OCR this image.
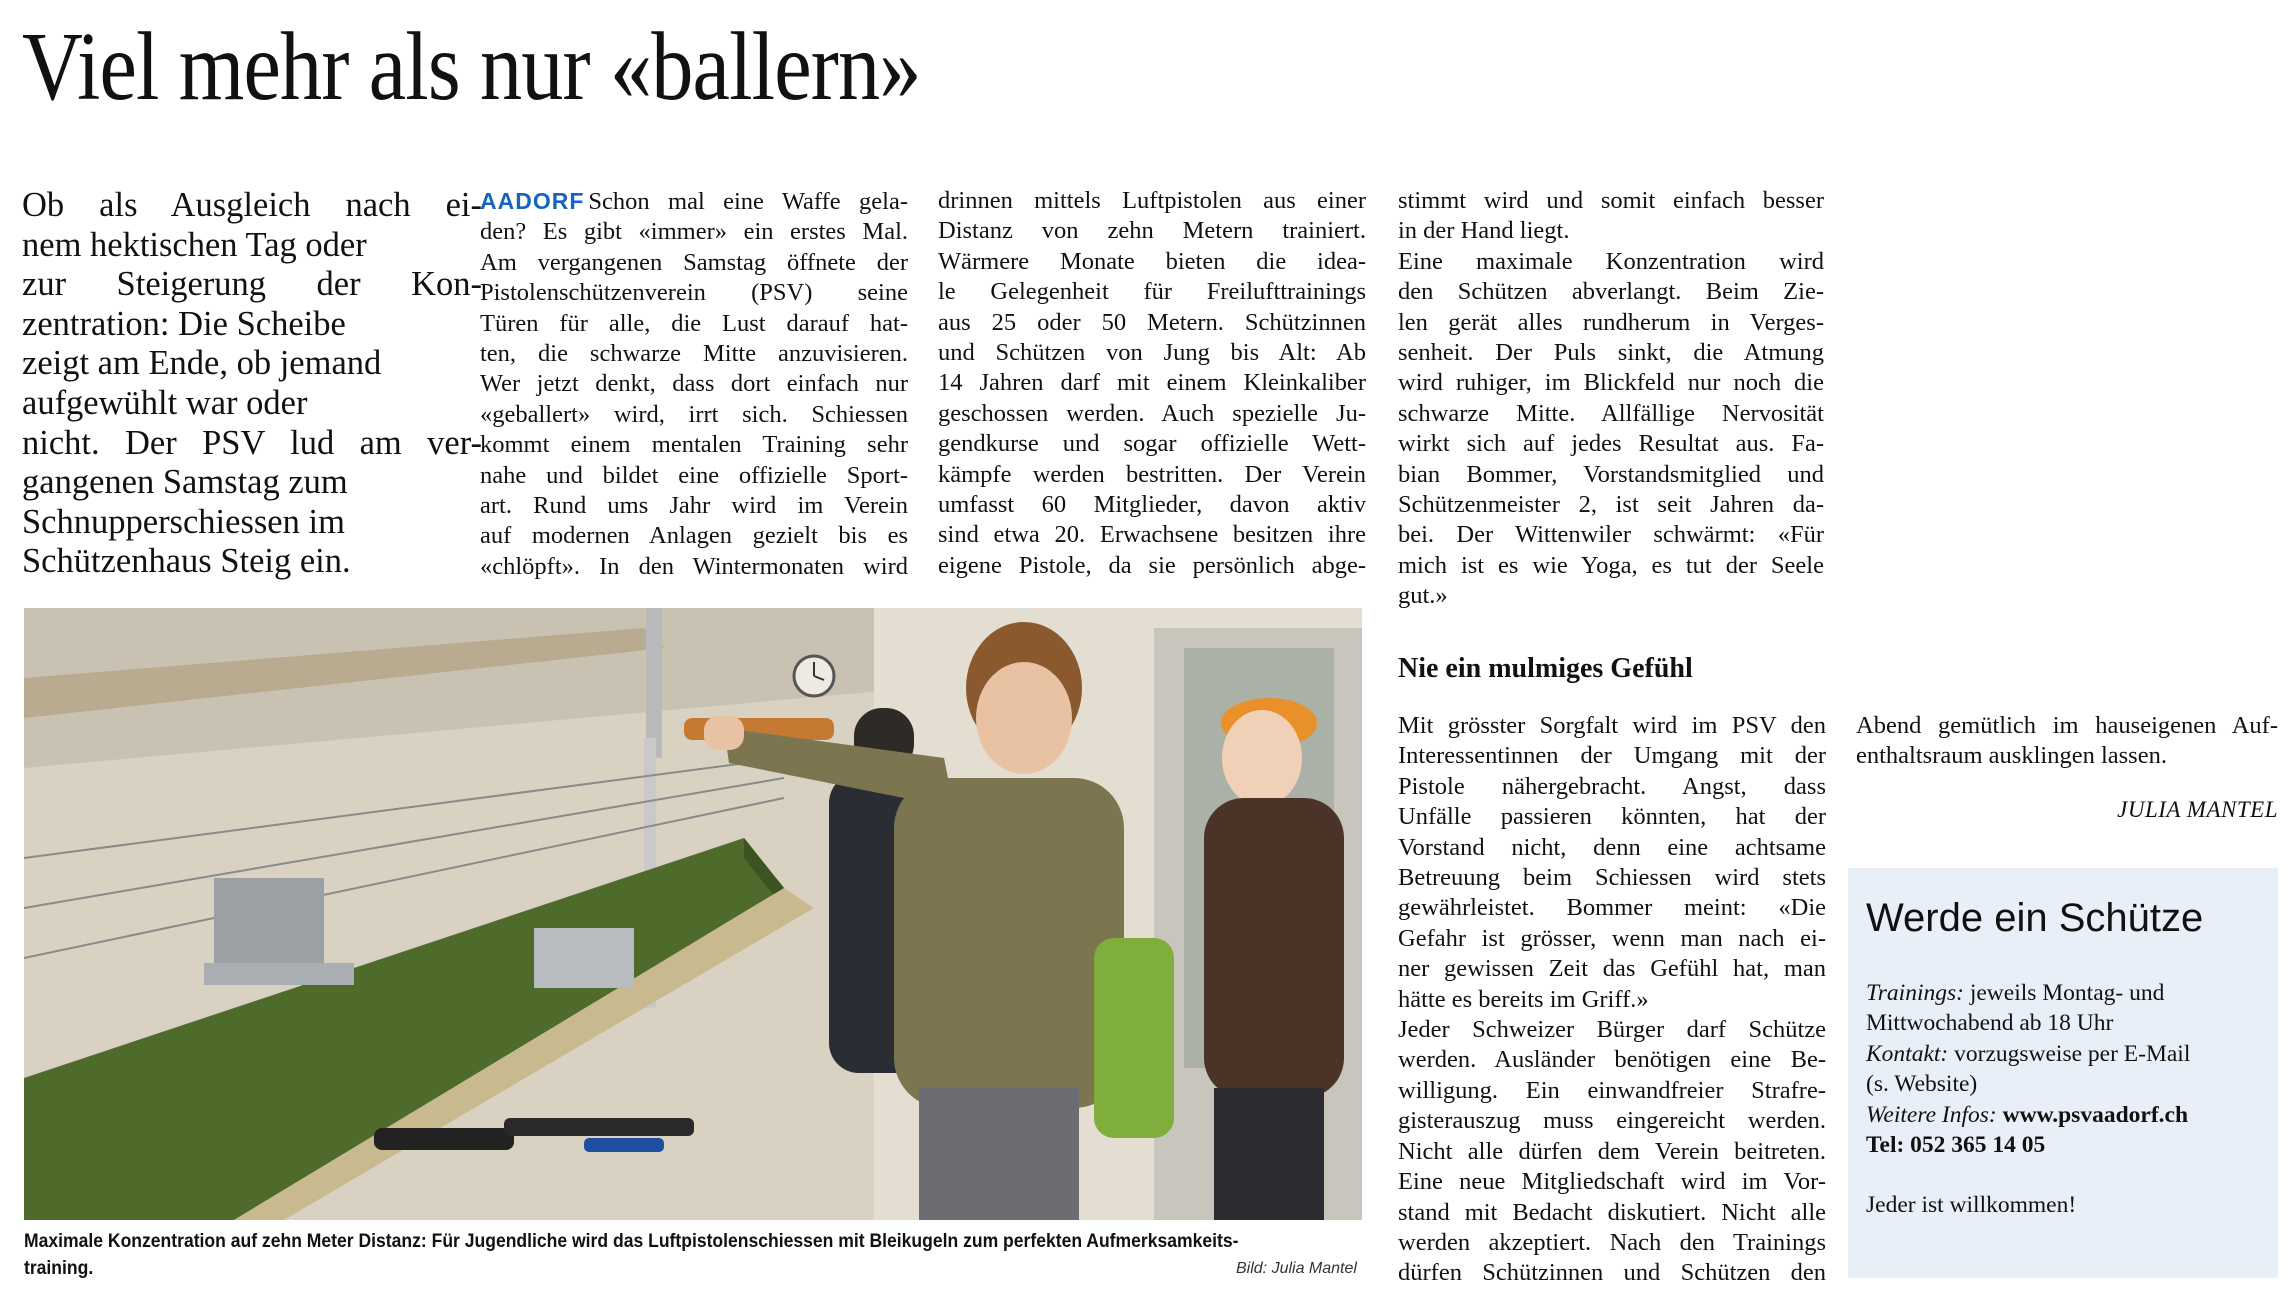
Viel mehr als nur «ballern»

Ob als Ausgleich nach ei-
nem hektischen Tag oder
zur Steigerung der Kon-
zentration: Die Scheibe
zeigt am Ende, ob jemand
aufgewühlt war oder
nicht. Der PSV lud am ver-
gangenen Samstag zum
Schnupperschiessen im
Schützenhaus Steig ein.

AADORF Schon mal eine Waffe gela-
den? Es gibt «immer» ein erstes Mal.
Am vergangenen Samstag öffnete der
Pistolenschützenverein (PSV) seine
Türen für alle, die Lust darauf hat-
ten, die schwarze Mitte anzuvisieren.
Wer jetzt denkt, dass dort einfach nur
«geballert» wird, irrt sich. Schiessen
kommt einem mentalen Training sehr
nahe und bildet eine offizielle Sport-
art. Rund ums Jahr wird im Verein
auf modernen Anlagen gezielt bis es
«chlöpft». In den Wintermonaten wird
drinnen mittels Luftpistolen aus einer
Distanz von zehn Metern trainiert.
Wärmere Monate bieten die idea-
le Gelegenheit für Freilufttrainings
aus 25 oder 50 Metern. Schützinnen
und Schützen von Jung bis Alt: Ab
14 Jahren darf mit einem Kleinkaliber
geschossen werden. Auch spezielle Ju-
gendkurse und sogar offizielle Wett-
kämpfe werden bestritten. Der Verein
umfasst 60 Mitglieder, davon aktiv
sind etwa 20. Erwachsene besitzen ihre
eigene Pistole, da sie persönlich abge-
stimmt wird und somit einfach besser
in der Hand liegt.
Eine maximale Konzentration wird
den Schützen abverlangt. Beim Zie-
len gerät alles rundherum in Verges-
senheit. Der Puls sinkt, die Atmung
wird ruhiger, im Blickfeld nur noch die
schwarze Mitte. Allfällige Nervosität
wirkt sich auf jedes Resultat aus. Fa-
bian Bommer, Vorstandsmitglied und
Schützenmeister 2, ist seit Jahren da-
bei. Der Wittenwiler schwärmt: «Für
mich ist es wie Yoga, es tut der Seele
gut.»
Nie ein mulmiges Gefühl
Mit grösster Sorgfalt wird im PSV den
Interessentinnen der Umgang mit der
Pistole nähergebracht. Angst, dass
Unfälle passieren könnten, hat der
Vorstand nicht, denn eine achtsame
Betreuung beim Schiessen wird stets
gewährleistet. Bommer meint: «Die
Gefahr ist grösser, wenn man nach ei-
ner gewissen Zeit das Gefühl hat, man
hätte es bereits im Griff.»
Jeder Schweizer Bürger darf Schütze
werden. Ausländer benötigen eine Be-
willigung. Ein einwandfreier Strafre-
gisterauszug muss eingereicht werden.
Nicht alle dürfen dem Verein beitreten.
Eine neue Mitgliedschaft wird im Vor-
stand mit Bedacht diskutiert. Nicht alle
werden akzeptiert. Nach den Trainings
dürfen Schützinnen und Schützen den
Abend gemütlich im hauseigenen Auf-
enthaltsraum ausklingen lassen.
JULIA MANTEL

Maximale Konzentration auf zehn Meter Distanz: Für Jugendliche wird das Luftpistolenschiessen mit Bleikugeln zum perfekten Aufmerksamkeits-
training.	Bild: Julia Mantel
Werde ein Schütze
Trainings: jeweils Montag- und
Mittwochabend ab 18 Uhr
Kontakt: vorzugsweise per E-Mail
(s. Website)
Weitere Infos: www.psvaadorf.ch
Tel: 052 365 14 05
Jeder ist willkommen!
